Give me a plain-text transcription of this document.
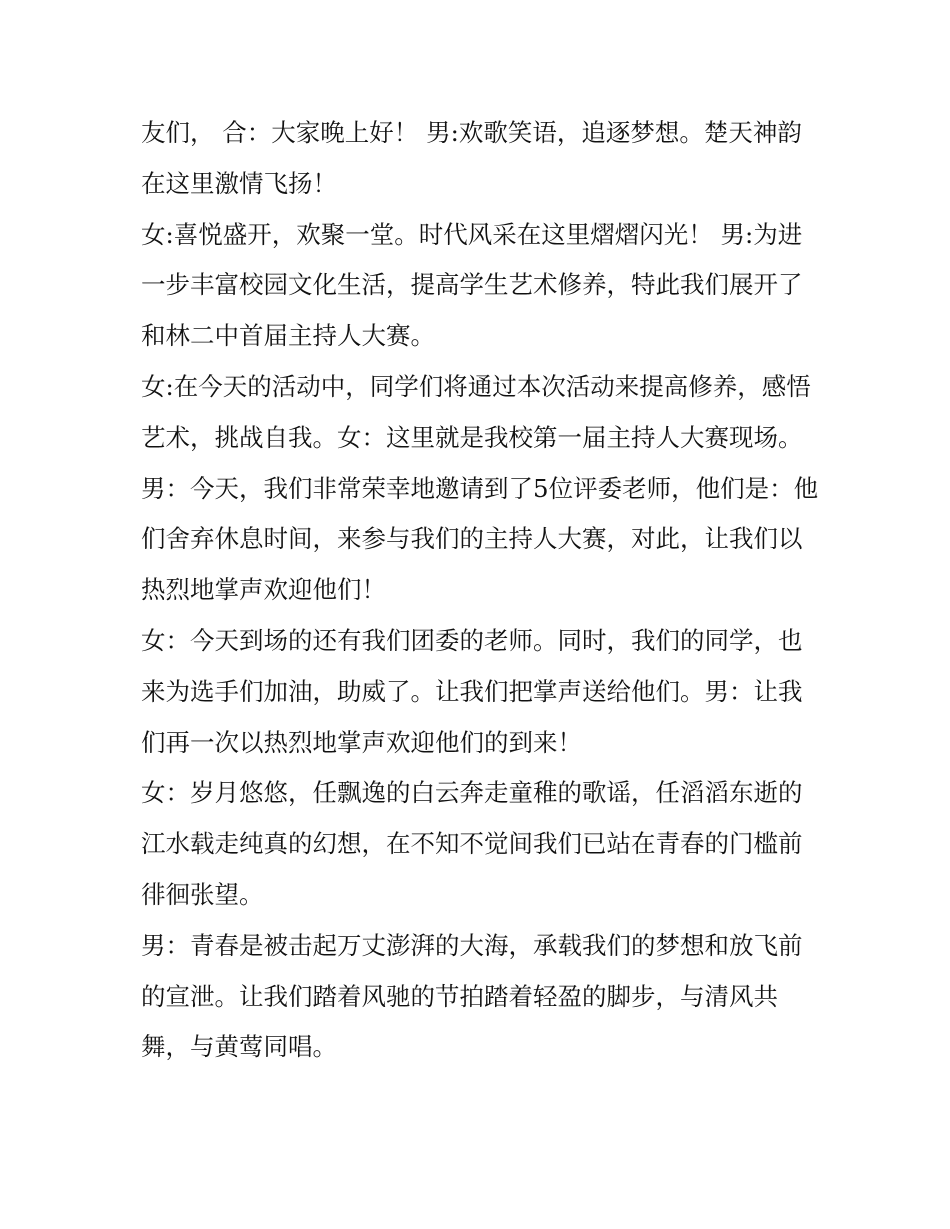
友们， 合：大家晚上好！ 男:欢歌笑语，追逐梦想。楚天神韵在这里激情飞扬！

女:喜悦盛开，欢聚一堂。时代风采在这里熠熠闪光！ 男:为进一步丰富校园文化生活，提高学生艺术修养，特此我们展开了和林二中首届主持人大赛。

女:在今天的活动中，同学们将通过本次活动来提高修养，感悟艺术，挑战自我。女：这里就是我校第一届主持人大赛现场。

男：今天，我们非常荣幸地邀请到了5位评委老师，他们是：他们舍弃休息时间，来参与我们的主持人大赛，对此，让我们以热烈地掌声欢迎他们！

女：今天到场的还有我们团委的老师。同时，我们的同学，也来为选手们加油，助威了。让我们把掌声送给他们。男：让我们再一次以热烈地掌声欢迎他们的到来！

女：岁月悠悠，任飘逸的白云奔走童稚的歌谣，任滔滔东逝的江水载走纯真的幻想，在不知不觉间我们已站在青春的门槛前徘徊张望。

男：青春是被击起万丈澎湃的大海，承载我们的梦想和放飞前的宣泄。让我们踏着风驰的节拍踏着轻盈的脚步，与清风共舞，与黄莺同唱。
